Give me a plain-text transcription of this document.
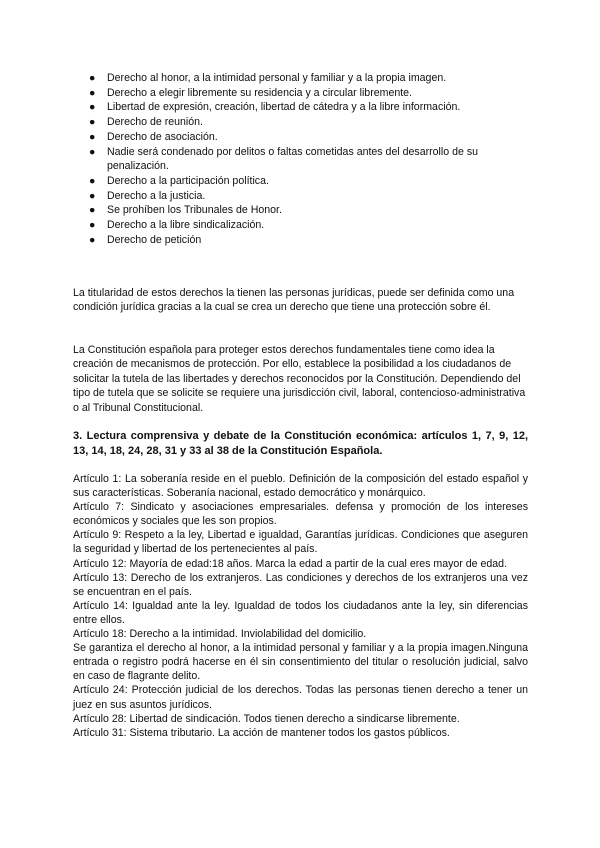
● Derecho al honor, a la intimidad personal y familiar y a la propia imagen.
● Derecho a elegir libremente su residencia y a circular libremente.
● Libertad de expresión, creación, libertad de cátedra y a la libre información.
● Derecho de reunión.
● Derecho de asociación.
● Nadie será condenado por delitos o faltas cometidas antes del desarrollo de su penalización.
● Derecho a la participación política.
● Derecho a la justicia.
● Se prohíben los Tribunales de Honor.
● Derecho a la libre sindicalización.
● Derecho de petición

La titularidad de estos derechos la tienen las personas jurídicas, puede ser definida como una condición jurídica gracias a la cual se crea un derecho que tiene una protección sobre él.

La Constitución española para proteger estos derechos fundamentales tiene como idea la creación de mecanismos de protección. Por ello, establece la posibilidad a los ciudadanos de solicitar la tutela de las libertades y derechos reconocidos por la Constitución. Dependiendo del tipo de tutela que se solicite se requiere una jurisdicción civil, laboral, contencioso-administrativa o al Tribunal Constitucional.

3. Lectura comprensiva y debate de la Constitución económica: artículos 1, 7, 9, 12, 13, 14, 18, 24, 28, 31 y 33 al 38 de la Constitución Española.

Artículo 1: La soberanía reside en el pueblo. Definición de la composición del estado español y sus características. Soberanía nacional, estado democrático y monárquico.
Artículo 7: Sindicato y asociaciones empresariales. defensa y promoción de los intereses económicos y sociales que les son propios.
Artículo 9: Respeto a la ley, Libertad e igualdad, Garantías jurídicas. Condiciones que aseguren la seguridad y libertad de los pertenecientes al país.
Artículo 12: Mayoría de edad:18 años. Marca la edad a partir de la cual eres mayor de edad.
Artículo 13: Derecho de los extranjeros. Las condiciones y derechos de los extranjeros una vez se encuentran en el país.
Artículo 14: Igualdad ante la ley. Igualdad de todos los ciudadanos ante la ley, sin diferencias entre ellos.
Artículo 18: Derecho a la intimidad. Inviolabilidad del domicilio.
Se garantiza el derecho al honor, a la intimidad personal y familiar y a la propia imagen.Ninguna entrada o registro podrá hacerse en él sin consentimiento del titular o resolución judicial, salvo en caso de flagrante delito.
Artículo 24: Protección judicial de los derechos. Todas las personas tienen derecho a tener un juez en sus asuntos jurídicos.
Artículo 28: Libertad de sindicación. Todos tienen derecho a sindicarse libremente.
Artículo 31: Sistema tributario. La acción de mantener todos los gastos públicos.
